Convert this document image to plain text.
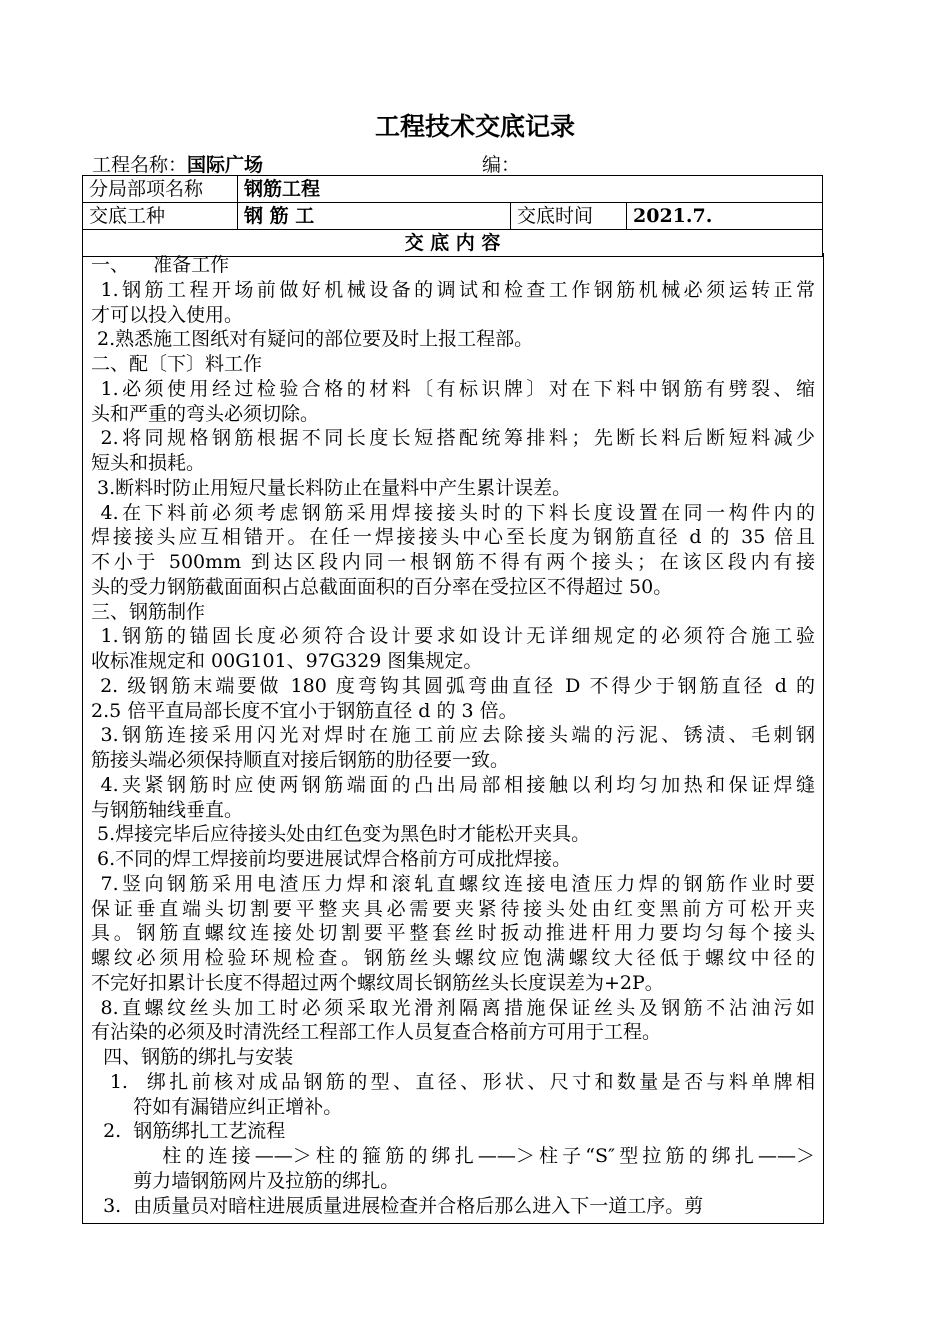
工程技术交底记录
工程名称：国际广场	编：
分局部项名称	钢筋工程		
交底工种	钢 筋 工	交底时间	2021.7.
交 底 内 容			
一、    准备工作
1.钢筋工程开场前做好机械设备的调试和检查工作钢筋机械必须运转正常
才可以投入使用。
2.熟悉施工图纸对有疑问的部位要及时上报工程部。
二、配〔下〕料工作
1.必须使用经过检验合格的材料〔有标识牌〕对在下料中钢筋有劈裂、缩
头和严重的弯头必须切除。
2.将同规格钢筋根据不同长度长短搭配统筹排料；先断长料后断短料减少
短头和损耗。
3.断料时防止用短尺量长料防止在量料中产生累计误差。
4.在下料前必须考虑钢筋采用焊接接头时的下料长度设置在同一构件内的
焊接接头应互相错开。在任一焊接接头中心至长度为钢筋直径 d 的 35 倍且
不小于 500mm 到达区段内同一根钢筋不得有两个接头；在该区段内有接
头的受力钢筋截面面积占总截面面积的百分率在受拉区不得超过 50。
三、钢筋制作
1.钢筋的锚固长度必须符合设计要求如设计无详细规定的必须符合施工验
收标准规定和 00G101、97G329 图集规定。
2. 级钢筋末端要做 180 度弯钩其圆弧弯曲直径 D 不得少于钢筋直径 d 的
2.5 倍平直局部长度不宜小于钢筋直径 d 的 3 倍。
3.钢筋连接采用闪光对焊时在施工前应去除接头端的污泥、锈渍、毛刺钢
筋接头端必须保持顺直对接后钢筋的肋径要一致。
4.夹紧钢筋时应使两钢筋端面的凸出局部相接触以利均匀加热和保证焊缝
与钢筋轴线垂直。
5.焊接完毕后应待接头处由红色变为黑色时才能松开夹具。
6.不同的焊工焊接前均要进展试焊合格前方可成批焊接。
7.竖向钢筋采用电渣压力焊和滚轧直螺纹连接电渣压力焊的钢筋作业时要
保证垂直端头切割要平整夹具必需要夹紧待接头处由红变黑前方可松开夹
具。钢筋直螺纹连接处切割要平整套丝时扳动推进杆用力要均匀每个接头
螺纹必须用检验环规检查。钢筋丝头螺纹应饱满螺纹大径低于螺纹中径的
不完好扣累计长度不得超过两个螺纹周长钢筋丝头长度误差为+2P。
8.直螺纹丝头加工时必须采取光滑剂隔离措施保证丝头及钢筋不沾油污如
有沾染的必须及时清洗经工程部工作人员复查合格前方可用于工程。
四、钢筋的绑扎与安装
1.  绑扎前核对成品钢筋的型、直径、形状、尺寸和数量是否与料单牌相
符如有漏错应纠正增补。
2.  钢筋绑扎工艺流程
柱的连接——＞柱的箍筋的绑扎——＞柱子“S″型拉筋的绑扎——＞
剪力墙钢筋网片及拉筋的绑扎。
3.  由质量员对暗柱进展质量进展检查并合格后那么进入下一道工序。剪
